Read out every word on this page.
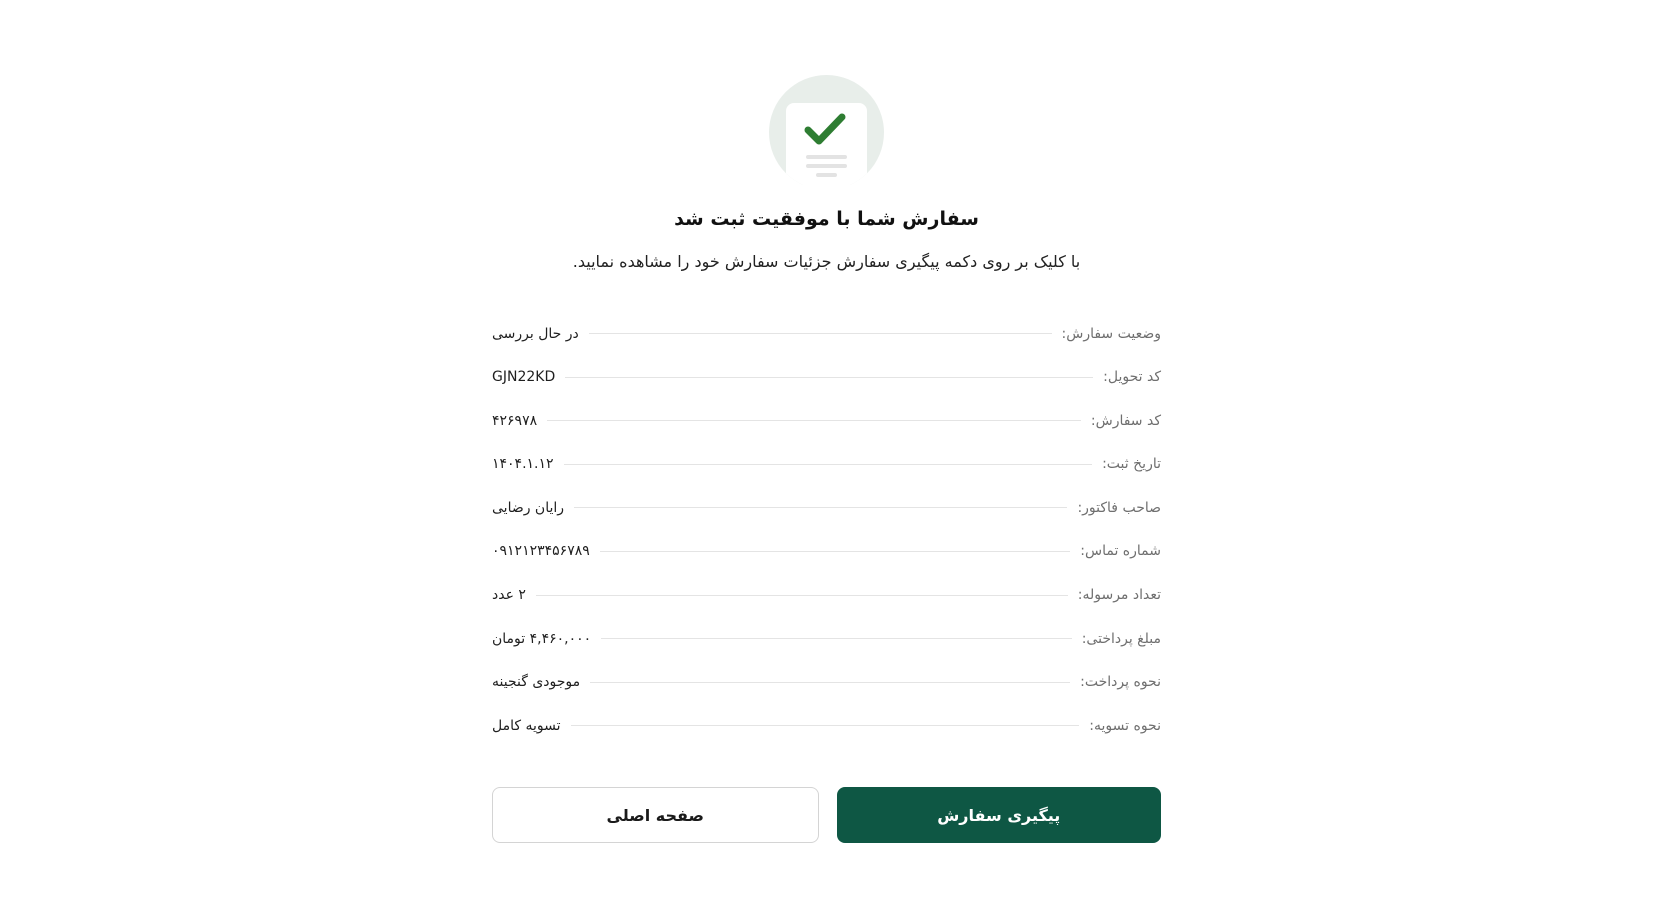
سفارش شما با موفقیت ثبت شد

با کلیک بر روی دکمه پیگیری سفارش جزئیات سفارش خود را مشاهده نمایید.

وضعیت سفارش:
در حال بررسی
کد تحویل:
GJN22KD
کد سفارش:
۴۲۶۹۷۸
تاریخ ثبت:
۱۴۰۴.۱.۱۲
صاحب فاکتور:
رایان رضایی
شماره تماس:
۰۹۱۲۱۲۳۴۵۶۷۸۹
تعداد مرسوله:
۲ عدد
مبلغ پرداختی:
۴,۴۶۰,۰۰۰ تومان
نحوه پرداخت:
موجودی گنجینه
نحوه تسویه:
تسویه کامل
پیگیری سفارش
صفحه اصلی
